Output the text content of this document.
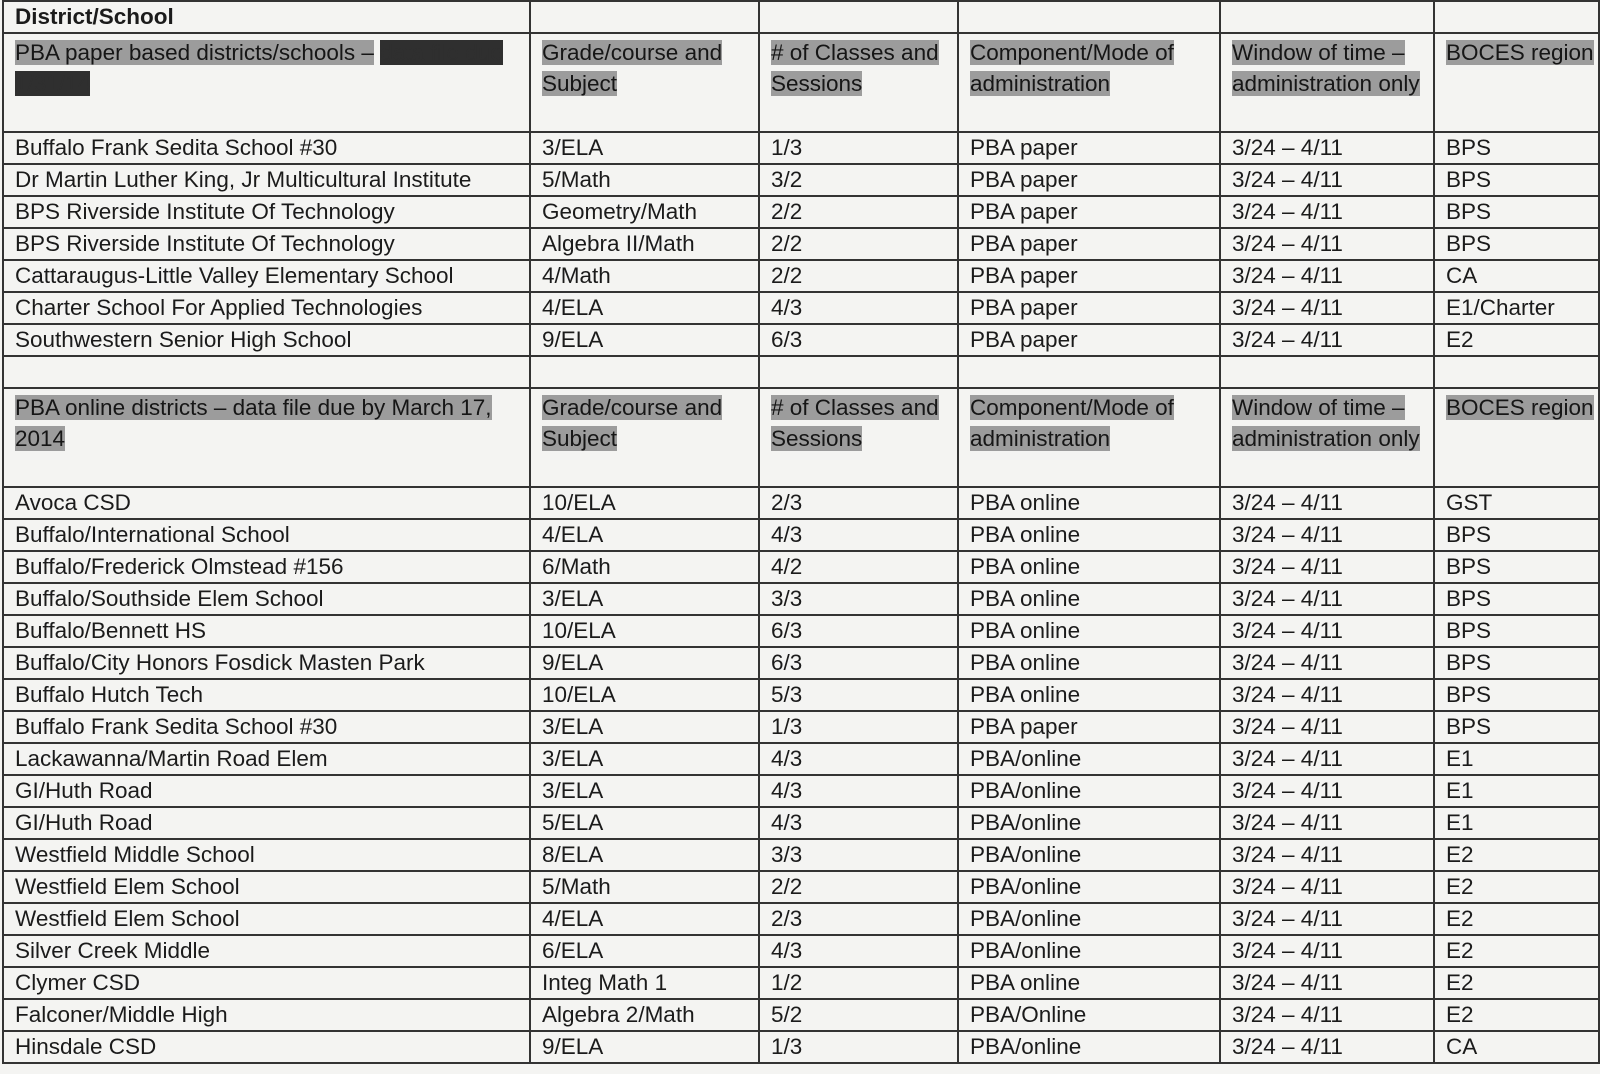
District/School					
PBA paper based districts/schools – data file due 1/31/14	Grade/course and Subject	# of Classes and Sessions	Component/Mode of administration	Window of time – administration only	BOCES region
Buffalo Frank Sedita School #30	3/ELA	1/3	PBA paper	3/24 – 4/11	BPS
Dr Martin Luther King, Jr Multicultural Institute	5/Math	3/2	PBA paper	3/24 – 4/11	BPS
BPS Riverside Institute Of Technology	Geometry/Math	2/2	PBA paper	3/24 – 4/11	BPS
BPS Riverside Institute Of Technology	Algebra II/Math	2/2	PBA paper	3/24 – 4/11	BPS
Cattaraugus-Little Valley Elementary School	4/Math	2/2	PBA paper	3/24 – 4/11	CA
Charter School For Applied Technologies	4/ELA	4/3	PBA paper	3/24 – 4/11	E1/Charter
Southwestern Senior High School	9/ELA	6/3	PBA paper	3/24 – 4/11	E2

PBA online districts – data file due by March 17, 2014	Grade/course and Subject	# of Classes and Sessions	Component/Mode of administration	Window of time – administration only	BOCES region
Avoca CSD	10/ELA	2/3	PBA online	3/24 – 4/11	GST
Buffalo/International School	4/ELA	4/3	PBA online	3/24 – 4/11	BPS
Buffalo/Frederick Olmstead #156	6/Math	4/2	PBA online	3/24 – 4/11	BPS
Buffalo/Southside Elem School	3/ELA	3/3	PBA online	3/24 – 4/11	BPS
Buffalo/Bennett HS	10/ELA	6/3	PBA online	3/24 – 4/11	BPS
Buffalo/City Honors Fosdick Masten Park	9/ELA	6/3	PBA online	3/24 – 4/11	BPS
Buffalo Hutch Tech	10/ELA	5/3	PBA online	3/24 – 4/11	BPS
Buffalo Frank Sedita School #30	3/ELA	1/3	PBA paper	3/24 – 4/11	BPS
Lackawanna/Martin Road Elem	3/ELA	4/3	PBA/online	3/24 – 4/11	E1
GI/Huth Road	3/ELA	4/3	PBA/online	3/24 – 4/11	E1
GI/Huth Road	5/ELA	4/3	PBA/online	3/24 – 4/11	E1
Westfield Middle School	8/ELA	3/3	PBA/online	3/24 – 4/11	E2
Westfield Elem School	5/Math	2/2	PBA/online	3/24 – 4/11	E2
Westfield Elem School	4/ELA	2/3	PBA/online	3/24 – 4/11	E2
Silver Creek Middle	6/ELA	4/3	PBA/online	3/24 – 4/11	E2
Clymer CSD	Integ Math 1	1/2	PBA online	3/24 – 4/11	E2
Falconer/Middle High	Algebra 2/Math	5/2	PBA/Online	3/24 – 4/11	E2
Hinsdale CSD	9/ELA	1/3	PBA/online	3/24 – 4/11	CA
